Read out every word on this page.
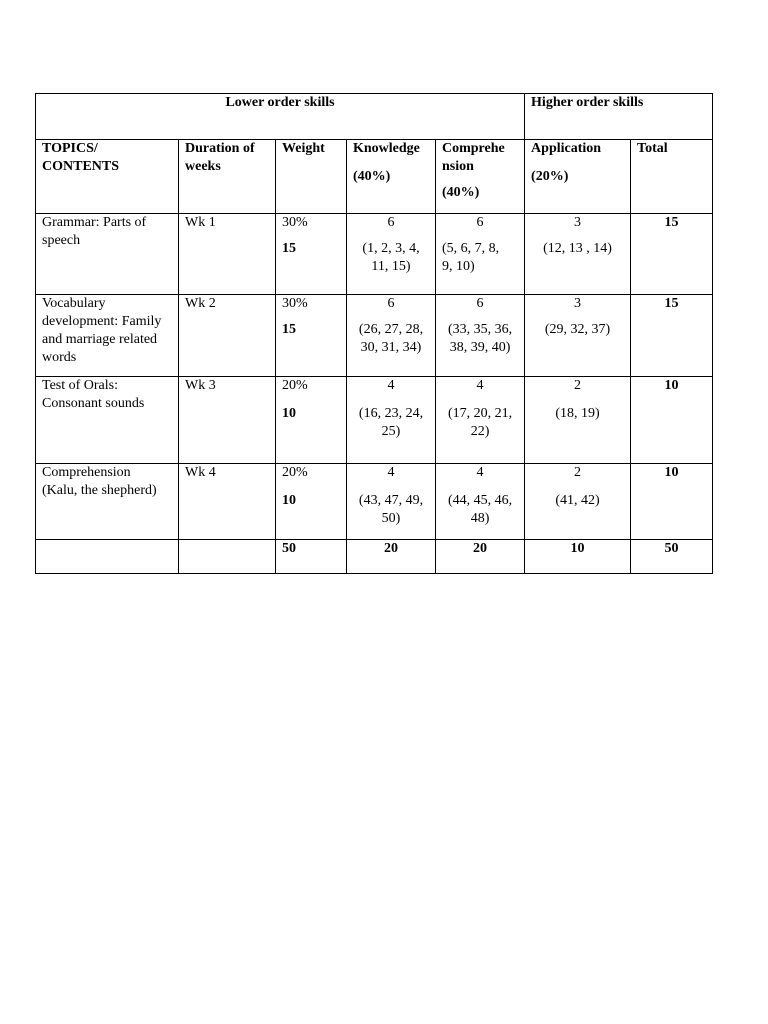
Lower order skills					Higher order skills	

TOPICS/
CONTENTS	Duration of
weeks	Weight	Knowledge
(40%)	Comprehe
nsion
(40%)	Application
(20%)	Total

Grammar: Parts of
speech	Wk 1	30%
15	6
(1, 2, 3, 4,
11, 15)	6
(5, 6, 7, 8,
9, 10)	3
(12, 13 , 14)	15

Vocabulary
development: Family
and marriage related
words	Wk 2	30%
15	6
(26, 27, 28,
30, 31, 34)	6
(33, 35, 36,
38, 39, 40)	3
(29, 32, 37)	15

Test of Orals:
Consonant sounds	Wk 3	20%
10	4
(16, 23, 24,
25)	4
(17, 20, 21,
22)	2
(18, 19)	10

Comprehension
(Kalu, the shepherd)	Wk 4	20%
10	4
(43, 47, 49,
50)	4
(44, 45, 46,
48)	2
(41, 42)	10
		50	20	20	10	50
